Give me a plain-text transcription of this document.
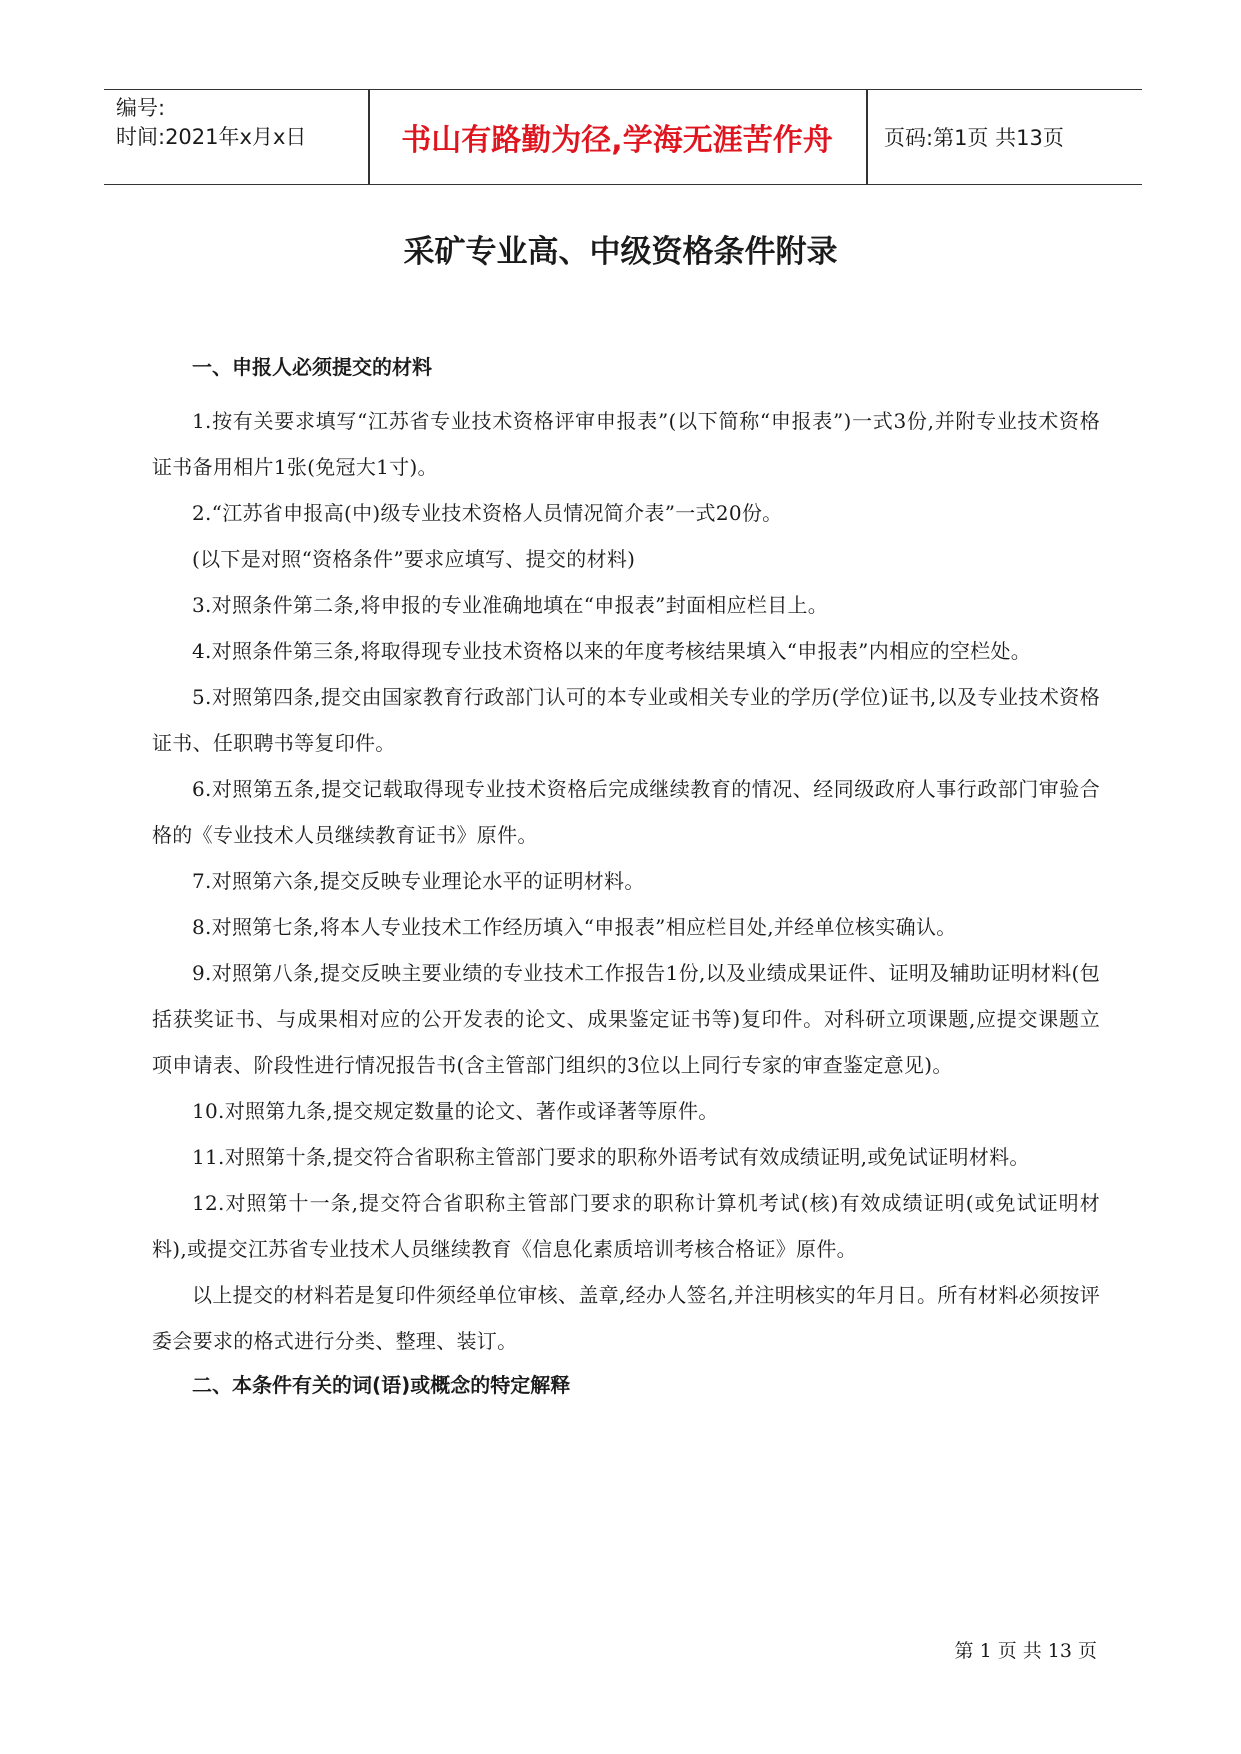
编号:
时间:2021年x月x日	书山有路勤为径,学海无涯苦作舟	页码:第1页 共13页
采矿专业高、中级资格条件附录
一、申报人必须提交的材料

1.按有关要求填写“江苏省专业技术资格评审申报表”(以下简称“申报表”)一式3份,并附专业技术资格证书备用相片1张(免冠大1寸)。

2.“江苏省申报高(中)级专业技术资格人员情况简介表”一式20份。

(以下是对照“资格条件”要求应填写、提交的材料)

3.对照条件第二条,将申报的专业准确地填在“申报表”封面相应栏目上。

4.对照条件第三条,将取得现专业技术资格以来的年度考核结果填入“申报表”内相应的空栏处。

5.对照第四条,提交由国家教育行政部门认可的本专业或相关专业的学历(学位)证书,以及专业技术资格证书、任职聘书等复印件。

6.对照第五条,提交记载取得现专业技术资格后完成继续教育的情况、经同级政府人事行政部门审验合格的《专业技术人员继续教育证书》原件。

7.对照第六条,提交反映专业理论水平的证明材料。

8.对照第七条,将本人专业技术工作经历填入“申报表”相应栏目处,并经单位核实确认。

9.对照第八条,提交反映主要业绩的专业技术工作报告1份,以及业绩成果证件、证明及辅助证明材料(包括获奖证书、与成果相对应的公开发表的论文、成果鉴定证书等)复印件。对科研立项课题,应提交课题立项申请表、阶段性进行情况报告书(含主管部门组织的3位以上同行专家的审查鉴定意见)。

10.对照第九条,提交规定数量的论文、著作或译著等原件。

11.对照第十条,提交符合省职称主管部门要求的职称外语考试有效成绩证明,或免试证明材料。

12.对照第十一条,提交符合省职称主管部门要求的职称计算机考试(核)有效成绩证明(或免试证明材料),或提交江苏省专业技术人员继续教育《信息化素质培训考核合格证》原件。

以上提交的材料若是复印件须经单位审核、盖章,经办人签名,并注明核实的年月日。所有材料必须按评委会要求的格式进行分类、整理、装订。

二、本条件有关的词(语)或概念的特定解释
第 1 页 共 13 页
